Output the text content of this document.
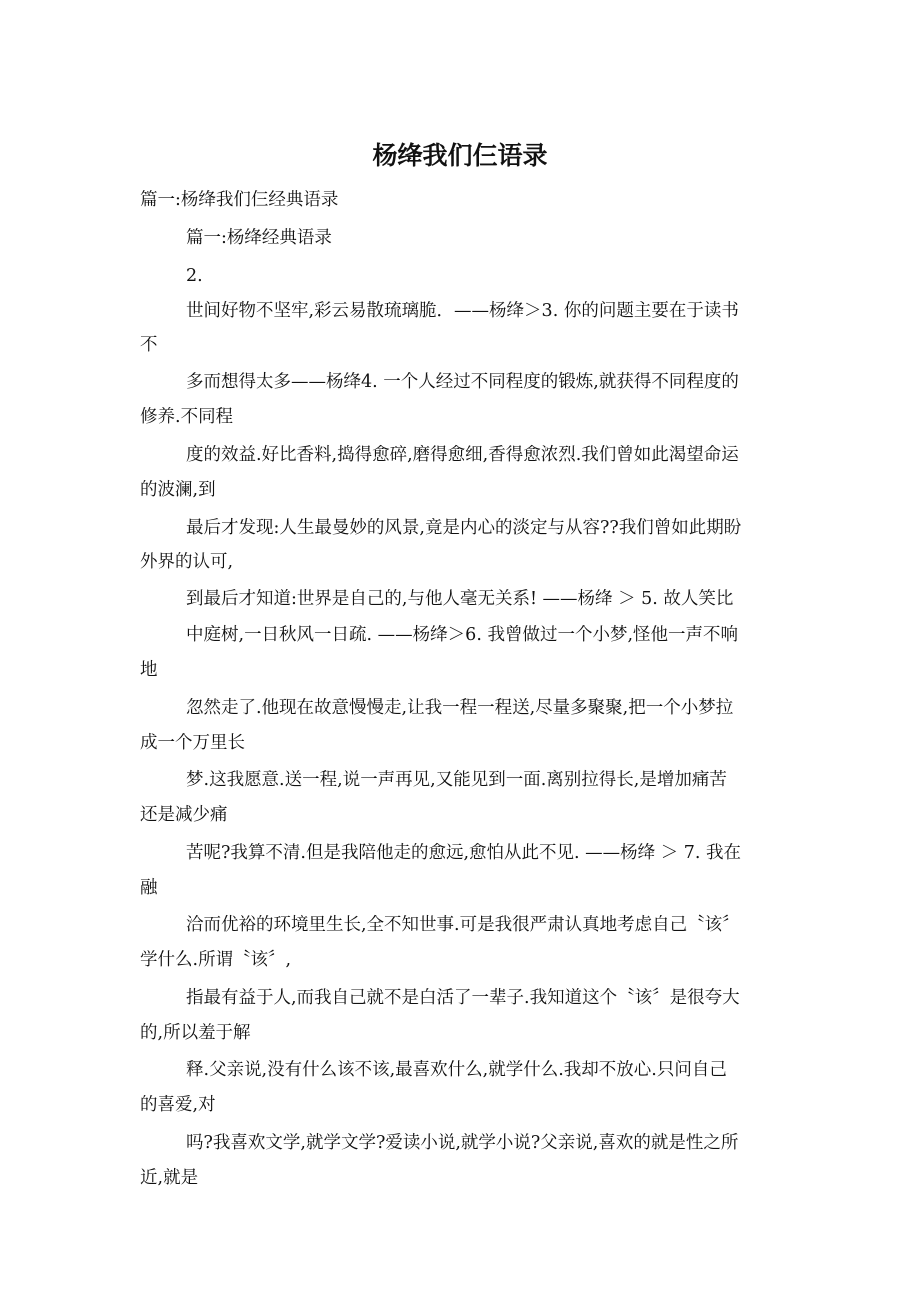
杨绛我们仨语录

篇一:杨绛我们仨经典语录

篇一:杨绛经典语录

2.

世间好物不坚牢,彩云易散琉璃脆．——杨绛＞3. 你的问题主要在于读书

不

多而想得太多——杨绛4. 一个人经过不同程度的锻炼,就获得不同程度的

修养.不同程

度的效益.好比香料,捣得愈碎,磨得愈细,香得愈浓烈.我们曾如此渴望命运

的波澜,到

最后才发现:人生最曼妙的风景,竟是内心的淡定与从容??我们曾如此期盼

外界的认可,

到最后才知道:世界是自己的,与他人毫无关系! ——杨绛 ＞ 5. 故人笑比

中庭树,一日秋风一日疏. ——杨绛＞6. 我曾做过一个小梦,怪他一声不响

地

忽然走了.他现在故意慢慢走,让我一程一程送,尽量多聚聚,把一个小梦拉

成一个万里长

梦.这我愿意.送一程,说一声再见,又能见到一面.离别拉得长,是增加痛苦

还是减少痛

苦呢?我算不清.但是我陪他走的愈远,愈怕从此不见. ——杨绛 ＞ 7. 我在

融

洽而优裕的环境里生长,全不知世事.可是我很严肃认真地考虑自己〝该〞

学什么.所谓〝该〞,

指最有益于人,而我自己就不是白活了一辈子.我知道这个〝该〞是很夸大

的,所以羞于解

释.父亲说,没有什么该不该,最喜欢什么,就学什么.我却不放心.只问自己

的喜爱,对

吗?我喜欢文学,就学文学?爱读小说,就学小说?父亲说,喜欢的就是性之所

近,就是
